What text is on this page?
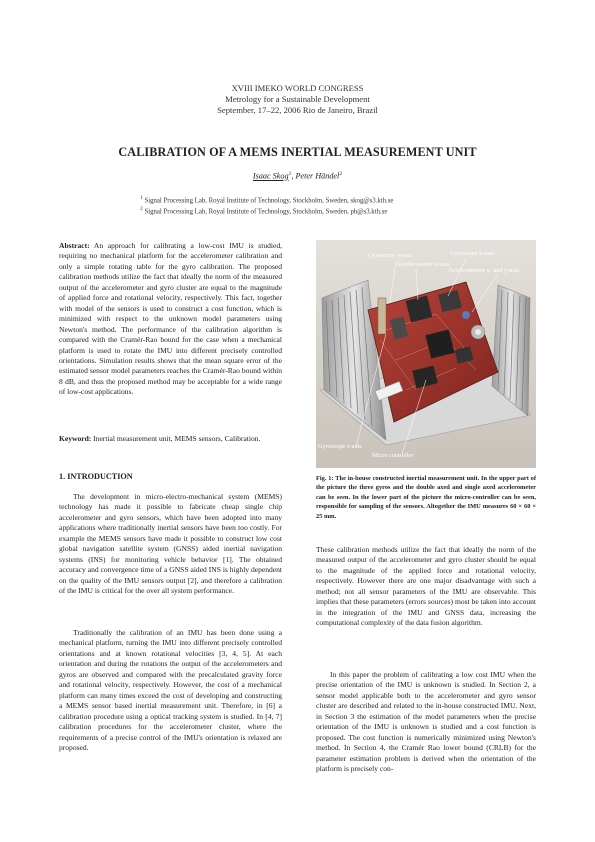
XVIII IMEKO WORLD CONGRESS
Metrology for a Sustainable Development
September, 17–22, 2006 Rio de Janeiro, Brazil
CALIBRATION OF A MEMS INERTIAL MEASUREMENT UNIT
Isaac Skog$^1$, Peter Händel$^2$
$^1$ Signal Processing Lab, Royal Institute of Technology, Stockholm, Sweden, skog@s3.kth.se
$^2$ Signal Processing Lab, Royal Institute of Technology, Stockholm, Sweden, ph@s3.kth.se
Abstract: An approach for calibrating a low-cost IMU is studied, requiring no mechanical platform for the accelerometer calibration and only a simple rotating table for the gyro calibration. The proposed calibration methods utilize the fact that ideally the norm of the measured output of the accelerometer and gyro cluster are equal to the magnitude of applied force and rotational velocity, respectively. This fact, together with model of the sensors is used to construct a cost function, which is minimized with respect to the unknown model parameters using Newton's method. The performance of the calibration algorithm is compared with the Cramér-Rao bound for the case when a mechanical platform is used to rotate the IMU into different precisely controlled orientations. Simulation results shows that the mean square error of the estimated sensor model parameters reaches the Cramér-Rao bound within 8 dB, and thus the proposed method may be acceptable for a wide range of low-cost applications.
Keyword: Inertial measurement unit, MEMS sensors, Calibration.
1. INTRODUCTION
The development in micro-electro-mechanical system (MEMS) technology has made it possible to fabricate cheap single chip accelerometer and gyro sensors, which have been adopted into many applications where traditionally inertial sensors have been too costly. For example the MEMS sensors have made it possible to construct low cost global navigation satellite system (GNSS) aided inertial navigation systems (INS) for monitoring vehicle behavior [1]. The obtained accuracy and convergence time of a GNSS aided INS is highly dependent on the quality of the IMU sensors output [2], and therefore a calibration of the IMU is critical for the over all system performance.
Traditionally the calibration of an IMU has been done using a mechanical platform, turning the IMU into different precisely controlled orientations and at known rotational velocities [3, 4, 5]. At each orientation and during the rotations the output of the accelerometers and gyros are observed and compared with the precalculated gravity force and rotational velocity, respectively. However, the cost of a mechanical platform can many times exceed the cost of developing and constructing a MEMS sensor based inertial measurement unit. Therefore, in [6] a calibration procedure using a optical tracking system is studied. In [4, 7] calibration procedures for the accelerometer cluster, where the requirements of a precise control of the IMU's orientation is relaxed are proposed.
Gyroscope y-axis	Gyroscope x-axis
Accelerometer z-axis
Accelerometer x- and y-axis
Gyroscope z-axis
Micro controller
Fig. 1: The in-house constructed inertial measurement unit. In the upper part of the picture the three gyros and the double axed and single axed accelerometer can be seen. In the lower part of the picture the micro-controller can be seen, responsible for sampling of the sensors. Altogether the IMU measures 60 × 60 × 25 mm.
These calibration methods utilize the fact that ideally the norm of the measured output of the accelerometer and gyro cluster should be equal to the magnitude of the applied force and rotational velocity, respectively. However there are one major disadvantage with such a method; not all sensor parameters of the IMU are observable. This implies that these parameters (errors sources) most be taken into account in the integration of the IMU and GNSS data, increasing the computational complexity of the data fusion algorithm.
In this paper the problem of calibrating a low cost IMU when the precise orientation of the IMU is unknown is studied. In Section 2, a sensor model applicable both to the accelerometer and gyro sensor cluster are described and related to the in-house constructed IMU. Next, in Section 3 the estimation of the model parameters when the precise orientation of the IMU is unknown is studied and a cost function is proposed. The cost function is numerically minimized using Newton's method. In Section 4, the Cramér Rao lower bound (CRLB) for the parameter estimation problem is derived when the orientation of the platform is precisely con-
